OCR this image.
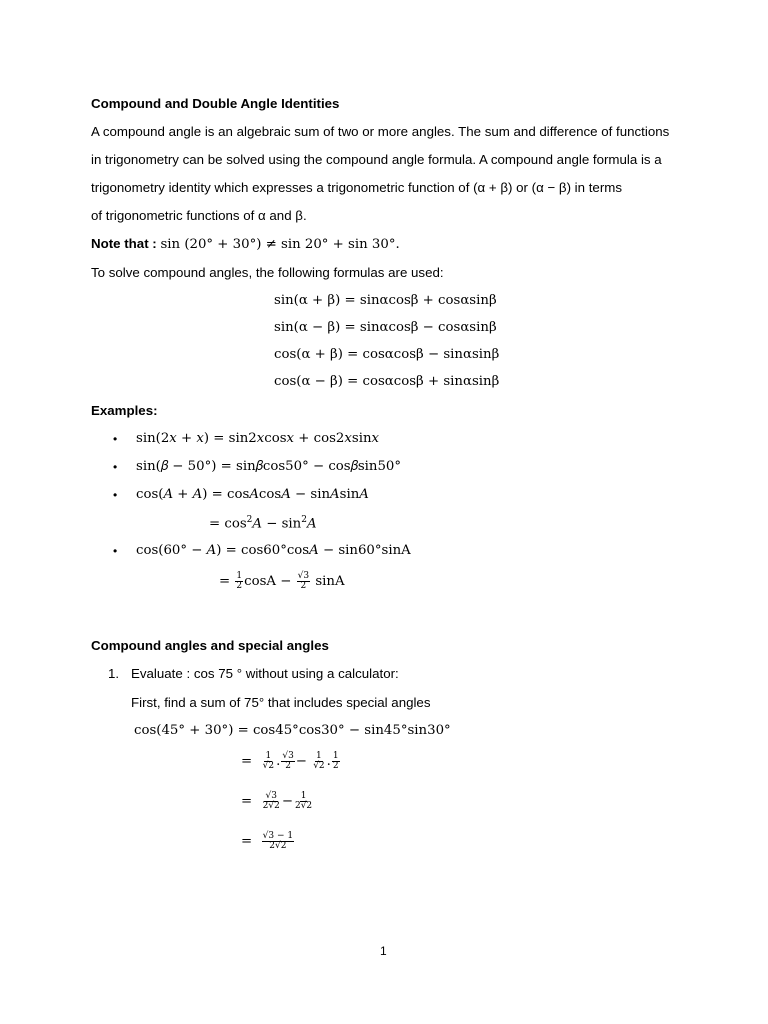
Compound and Double Angle Identities
A compound angle is an algebraic sum of two or more angles. The sum and difference of functions
in trigonometry can be solved using the compound angle formula. A compound angle formula is a
trigonometry identity which expresses a trigonometric function of (α + β) or (α − β) in terms
of trigonometric functions of α and β.
Note that : sin (20° + 30°) ≠ sin 20° + sin 30°.
To solve compound angles, the following formulas are used:
sin(α + β) = sinαcosβ + cosαsinβ
sin(α − β) = sinαcosβ − cosαsinβ
cos(α + β) = cosαcosβ − sinαsinβ
cos(α − β) = cosαcosβ + sinαsinβ
Examples:
• sin(2𝑥 + 𝑥) = sin2𝑥cos𝑥 + cos2𝑥sin𝑥
• sin(𝛽 − 50°) = sin𝛽cos50° − cos𝛽sin50°
• cos(𝐴 + 𝐴) = cos𝐴cos𝐴 − sin𝐴sin𝐴
= $\cos^2𝐴$ − $\sin^2𝐴$
• cos(60° − 𝐴) = cos60°cos𝐴 − sin60°sinA
=
$\frac{1}{2}$ cosA −
$\frac{√3}{2}$
sinA
Compound angles and special angles
1. Evaluate : cos 75 ° without using a calculator:
First, find a sum of 75° that includes special angles
cos(45° + 30°) = cos45°cos30° − sin45°sin30°
=
$\frac{1}{√2}$ . $\frac{√3}{2}$ −
$\frac{1}{√2}$ . $\frac{1}{2}$
=
$\frac{√3}{2√2} - \frac{1}{2√2}$
=
$\frac{√3 - 1}{2√2}$
1
